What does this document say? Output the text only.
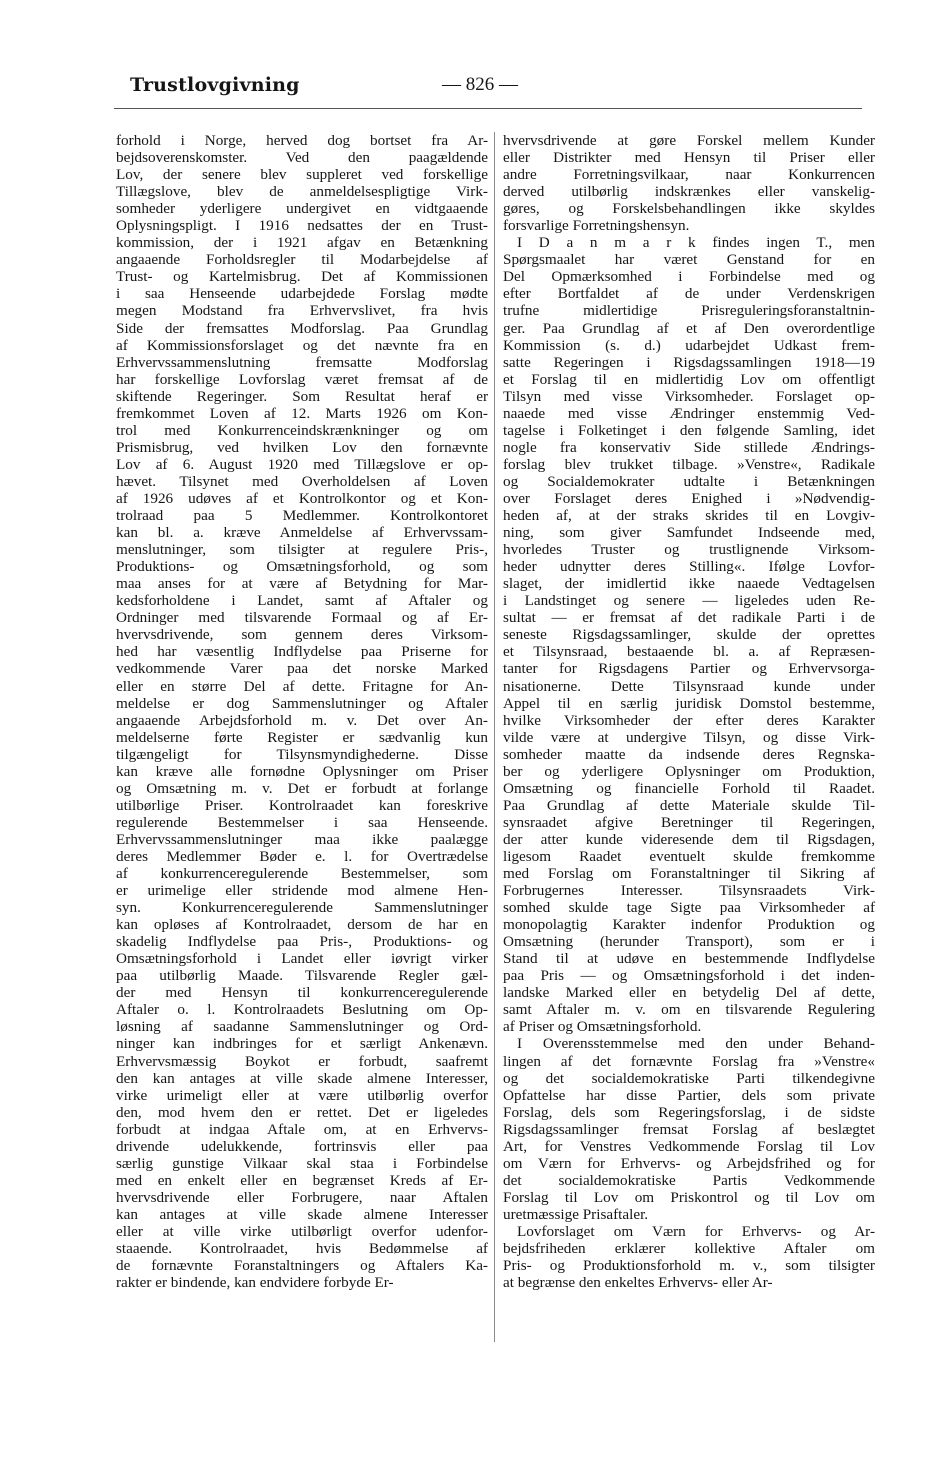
Trustlovgivning	— 826 —
forhold i Norge, herved dog bortset fra Ar-
bejdsoverenskomster. Ved den paagældende
Lov, der senere blev suppleret ved forskellige
Tillægslove, blev de anmeldelsespligtige Virk-
somheder yderligere undergivet en vidtgaaende
Oplysningspligt. I 1916 nedsattes der en Trust-
kommission, der i 1921 afgav en Betænkning
angaaende Forholdsregler til Modarbejdelse af
Trust- og Kartelmisbrug. Det af Kommissionen
i saa Henseende udarbejdede Forslag mødte
megen Modstand fra Erhvervslivet, fra hvis
Side der fremsattes Modforslag. Paa Grundlag
af Kommissionsforslaget og det nævnte fra en
Erhvervssammenslutning fremsatte Modforslag
har forskellige Lovforslag været fremsat af de
skiftende Regeringer. Som Resultat heraf er
fremkommet Loven af 12. Marts 1926 om Kon-
trol med Konkurrenceindskrænkninger og om
Prismisbrug, ved hvilken Lov den fornævnte
Lov af 6. August 1920 med Tillægslove er op-
hævet. Tilsynet med Overholdelsen af Loven
af 1926 udøves af et Kontrolkontor og et Kon-
trolraad paa 5 Medlemmer. Kontrolkontoret
kan bl. a. kræve Anmeldelse af Erhvervssam-
menslutninger, som tilsigter at regulere Pris-,
Produktions- og Omsætningsforhold, og som
maa anses for at være af Betydning for Mar-
kedsforholdene i Landet, samt af Aftaler og
Ordninger med tilsvarende Formaal og af Er-
hvervsdrivende, som gennem deres Virksom-
hed har væsentlig Indflydelse paa Priserne for
vedkommende Varer paa det norske Marked
eller en større Del af dette. Fritagne for An-
meldelse er dog Sammenslutninger og Aftaler
angaaende Arbejdsforhold m. v. Det over An-
meldelserne førte Register er sædvanlig kun
tilgængeligt for Tilsynsmyndighederne. Disse
kan kræve alle fornødne Oplysninger om Priser
og Omsætning m. v. Det er forbudt at forlange
utilbørlige Priser. Kontrolraadet kan foreskrive
regulerende Bestemmelser i saa Henseende.
Erhvervssammenslutninger maa ikke paalægge
deres Medlemmer Bøder e. l. for Overtrædelse
af konkurrenceregulerende Bestemmelser, som
er urimelige eller stridende mod almene Hen-
syn. Konkurrenceregulerende Sammenslutninger
kan opløses af Kontrolraadet, dersom de har en
skadelig Indflydelse paa Pris-, Produktions- og
Omsætningsforhold i Landet eller iøvrigt virker
paa utilbørlig Maade. Tilsvarende Regler gæl-
der med Hensyn til konkurrenceregulerende
Aftaler o. l. Kontrolraadets Beslutning om Op-
løsning af saadanne Sammenslutninger og Ord-
ninger kan indbringes for et særligt Ankenævn.
Erhvervsmæssig Boykot er forbudt, saafremt
den kan antages at ville skade almene Interesser,
virke urimeligt eller at være utilbørlig overfor
den, mod hvem den er rettet. Det er ligeledes
forbudt at indgaa Aftale om, at en Erhvervs-
drivende udelukkende, fortrinsvis eller paa
særlig gunstige Vilkaar skal staa i Forbindelse
med en enkelt eller en begrænset Kreds af Er-
hvervsdrivende eller Forbrugere, naar Aftalen
kan antages at ville skade almene Interesser
eller at ville virke utilbørligt overfor udenfor-
staaende. Kontrolraadet, hvis Bedømmelse af
de fornævnte Foranstaltningers og Aftalers Ka-
rakter er bindende, kan endvidere forbyde Er-
hvervsdrivende at gøre Forskel mellem Kunder
eller Distrikter med Hensyn til Priser eller
andre Forretningsvilkaar, naar Konkurrencen
derved utilbørlig indskrænkes eller vanskelig-
gøres, og Forskelsbehandlingen ikke skyldes
forsvarlige Forretningshensyn.
I D a n m a r k findes ingen T., men
Spørgsmaalet har været Genstand for en
Del Opmærksomhed i Forbindelse med og
efter Bortfaldet af de under Verdenskrigen
trufne midlertidige Prisreguleringsforanstaltnin-
ger. Paa Grundlag af et af Den overordentlige
Kommission (s. d.) udarbejdet Udkast frem-
satte Regeringen i Rigsdagssamlingen 1918—19
et Forslag til en midlertidig Lov om offentligt
Tilsyn med visse Virksomheder. Forslaget op-
naaede med visse Ændringer enstemmig Ved-
tagelse i Folketinget i den følgende Samling, idet
nogle fra konservativ Side stillede Ændrings-
forslag blev trukket tilbage. »Venstre«, Radikale
og Socialdemokrater udtalte i Betænkningen
over Forslaget deres Enighed i »Nødvendig-
heden af, at der straks skrides til en Lovgiv-
ning, som giver Samfundet Indseende med,
hvorledes Truster og trustlignende Virksom-
heder udnytter deres Stilling«. Ifølge Lovfor-
slaget, der imidlertid ikke naaede Vedtagelsen
i Landstinget og senere — ligeledes uden Re-
sultat — er fremsat af det radikale Parti i de
seneste Rigsdagssamlinger, skulde der oprettes
et Tilsynsraad, bestaaende bl. a. af Repræsen-
tanter for Rigsdagens Partier og Erhvervsorga-
nisationerne. Dette Tilsynsraad kunde under
Appel til en særlig juridisk Domstol bestemme,
hvilke Virksomheder der efter deres Karakter
vilde være at undergive Tilsyn, og disse Virk-
somheder maatte da indsende deres Regnska-
ber og yderligere Oplysninger om Produktion,
Omsætning og financielle Forhold til Raadet.
Paa Grundlag af dette Materiale skulde Til-
synsraadet afgive Beretninger til Regeringen,
der atter kunde videresende dem til Rigsdagen,
ligesom Raadet eventuelt skulde fremkomme
med Forslag om Foranstaltninger til Sikring af
Forbrugernes Interesser. Tilsynsraadets Virk-
somhed skulde tage Sigte paa Virksomheder af
monopolagtig Karakter indenfor Produktion og
Omsætning (herunder Transport), som er i
Stand til at udøve en bestemmende Indflydelse
paa Pris — og Omsætningsforhold i det inden-
landske Marked eller en betydelig Del af dette,
samt Aftaler m. v. om en tilsvarende Regulering
af Priser og Omsætningsforhold.
I Overensstemmelse med den under Behand-
lingen af det fornævnte Forslag fra »Venstre«
og det socialdemokratiske Parti tilkendegivne
Opfattelse har disse Partier, dels som private
Forslag, dels som Regeringsforslag, i de sidste
Rigsdagssamlinger fremsat Forslag af beslægtet
Art, for Venstres Vedkommende Forslag til Lov
om Værn for Erhvervs- og Arbejdsfrihed og for
det socialdemokratiske Partis Vedkommende
Forslag til Lov om Priskontrol og til Lov om
uretmæssige Prisaftaler.
Lovforslaget om Værn for Erhvervs- og Ar-
bejdsfriheden erklærer kollektive Aftaler om
Pris- og Produktionsforhold m. v., som tilsigter
at begrænse den enkeltes Erhvervs- eller Ar-
